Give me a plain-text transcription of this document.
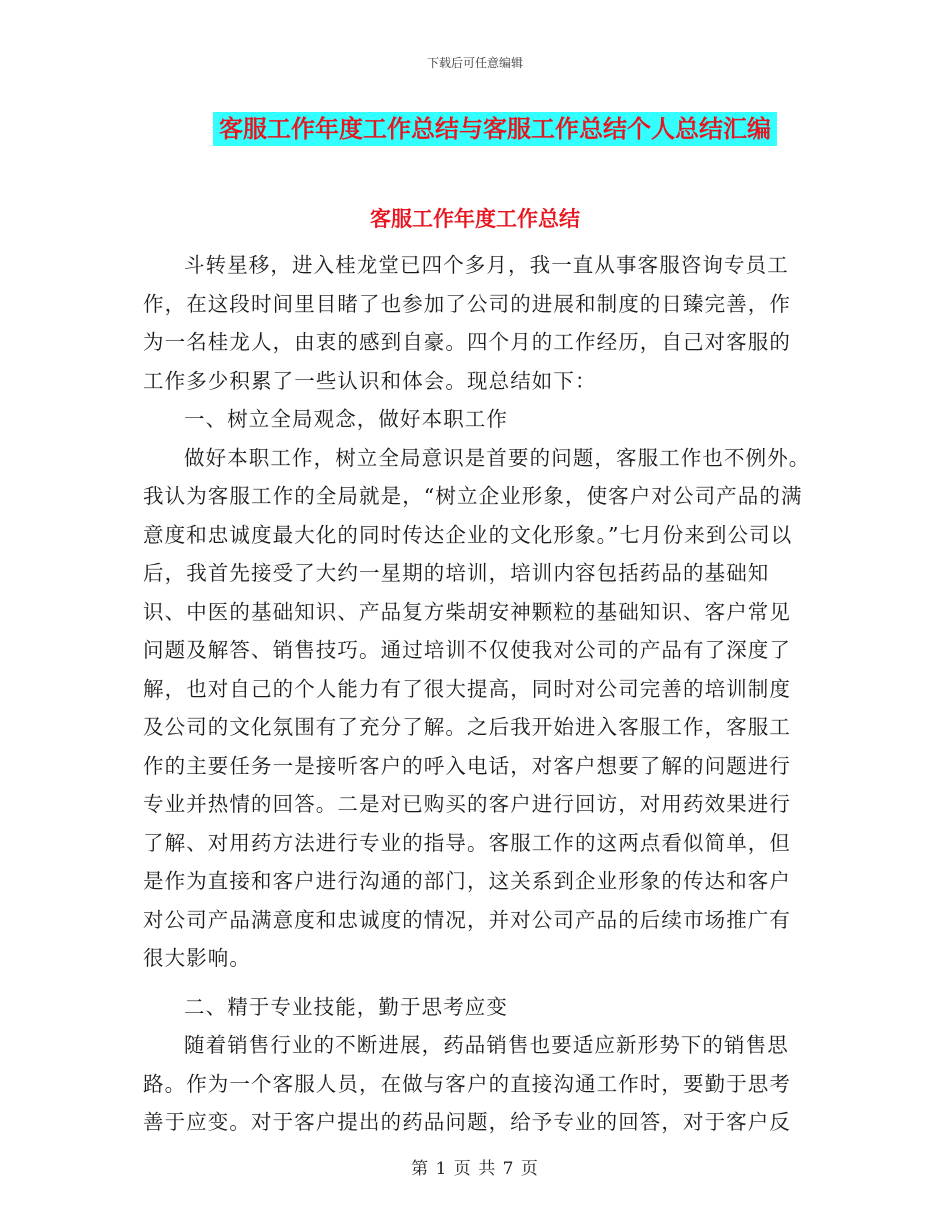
下载后可任意编辑
客服工作年度工作总结与客服工作总结个人总结汇编
客服工作年度工作总结

斗转星移，进入桂龙堂已四个多月，我一直从事客服咨询专员工作，在这段时间里目睹了也参加了公司的进展和制度的日臻完善，作为一名桂龙人，由衷的感到自豪。四个月的工作经历，自己对客服的工作多少积累了一些认识和体会。现总结如下：

一、树立全局观念，做好本职工作

做好本职工作，树立全局意识是首要的问题，客服工作也不例外。我认为客服工作的全局就是，“树立企业形象，使客户对公司产品的满意度和忠诚度最大化的同时传达企业的文化形象。”七月份来到公司以后，我首先接受了大约一星期的培训，培训内容包括药品的基础知识、中医的基础知识、产品复方柴胡安神颗粒的基础知识、客户常见问题及解答、销售技巧。通过培训不仅使我对公司的产品有了深度了解，也对自己的个人能力有了很大提高，同时对公司完善的培训制度及公司的文化氛围有了充分了解。之后我开始进入客服工作，客服工作的主要任务一是接听客户的呼入电话，对客户想要了解的问题进行专业并热情的回答。二是对已购买的客户进行回访，对用药效果进行了解、对用药方法进行专业的指导。客服工作的这两点看似简单，但是作为直接和客户进行沟通的部门，这关系到企业形象的传达和客户对公司产品满意度和忠诚度的情况，并对公司产品的后续市场推广有很大影响。

二、精于专业技能，勤于思考应变

随着销售行业的不断进展，药品销售也要适应新形势下的销售思路。作为一个客服人员，在做与客户的直接沟通工作时，要勤于思考善于应变。对于客户提出的药品问题，给予专业的回答，对于客户反

第 1 页 共 7 页
